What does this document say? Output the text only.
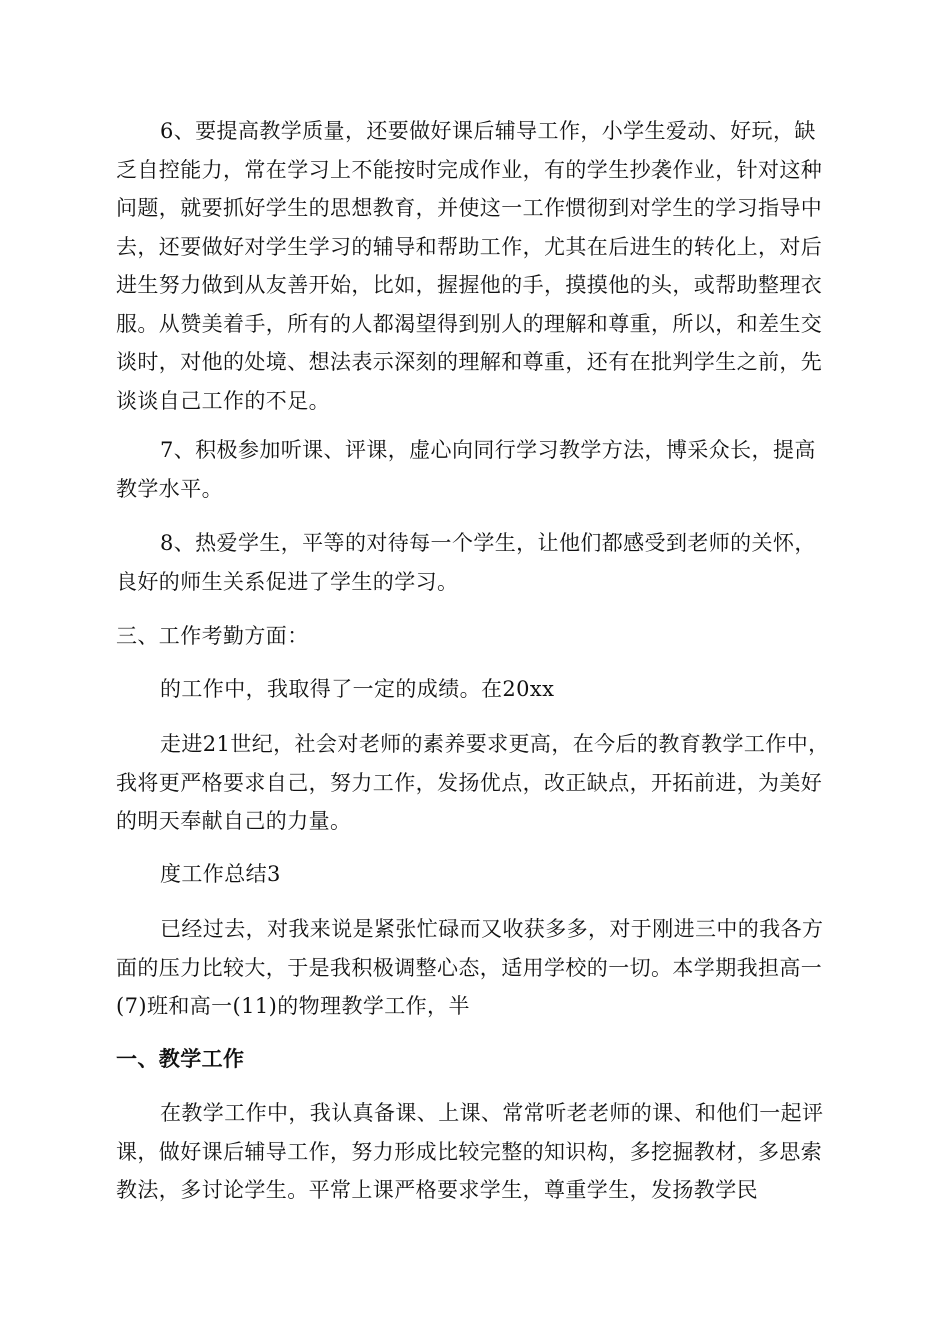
6、要提高教学质量，还要做好课后辅导工作，小学生爱动、好玩，缺乏自控能力，常在学习上不能按时完成作业，有的学生抄袭作业，针对这种问题，就要抓好学生的思想教育，并使这一工作惯彻到对学生的学习指导中去，还要做好对学生学习的辅导和帮助工作，尤其在后进生的转化上，对后进生努力做到从友善开始，比如，握握他的手，摸摸他的头，或帮助整理衣服。从赞美着手，所有的人都渴望得到别人的理解和尊重，所以，和差生交谈时，对他的处境、想法表示深刻的理解和尊重，还有在批判学生之前，先谈谈自己工作的不足。
7、积极参加听课、评课，虚心向同行学习教学方法，博采众长，提高教学水平。
8、热爱学生，平等的对待每一个学生，让他们都感受到老师的关怀，良好的师生关系促进了学生的学习。
三、工作考勤方面：
的工作中，我取得了一定的成绩。在20xx
走进21世纪，社会对老师的素养要求更高，在今后的教育教学工作中，我将更严格要求自己，努力工作，发扬优点，改正缺点，开拓前进，为美好的明天奉献自己的力量。
度工作总结3
已经过去，对我来说是紧张忙碌而又收获多多，对于刚进三中的我各方面的压力比较大，于是我积极调整心态，适用学校的一切。本学期我担高一(7)班和高一(11)的物理教学工作，半
一、教学工作
在教学工作中，我认真备课、上课、常常听老老师的课、和他们一起评课，做好课后辅导工作，努力形成比较完整的知识构，多挖掘教材，多思索教法，多讨论学生。平常上课严格要求学生，尊重学生，发扬教学民
